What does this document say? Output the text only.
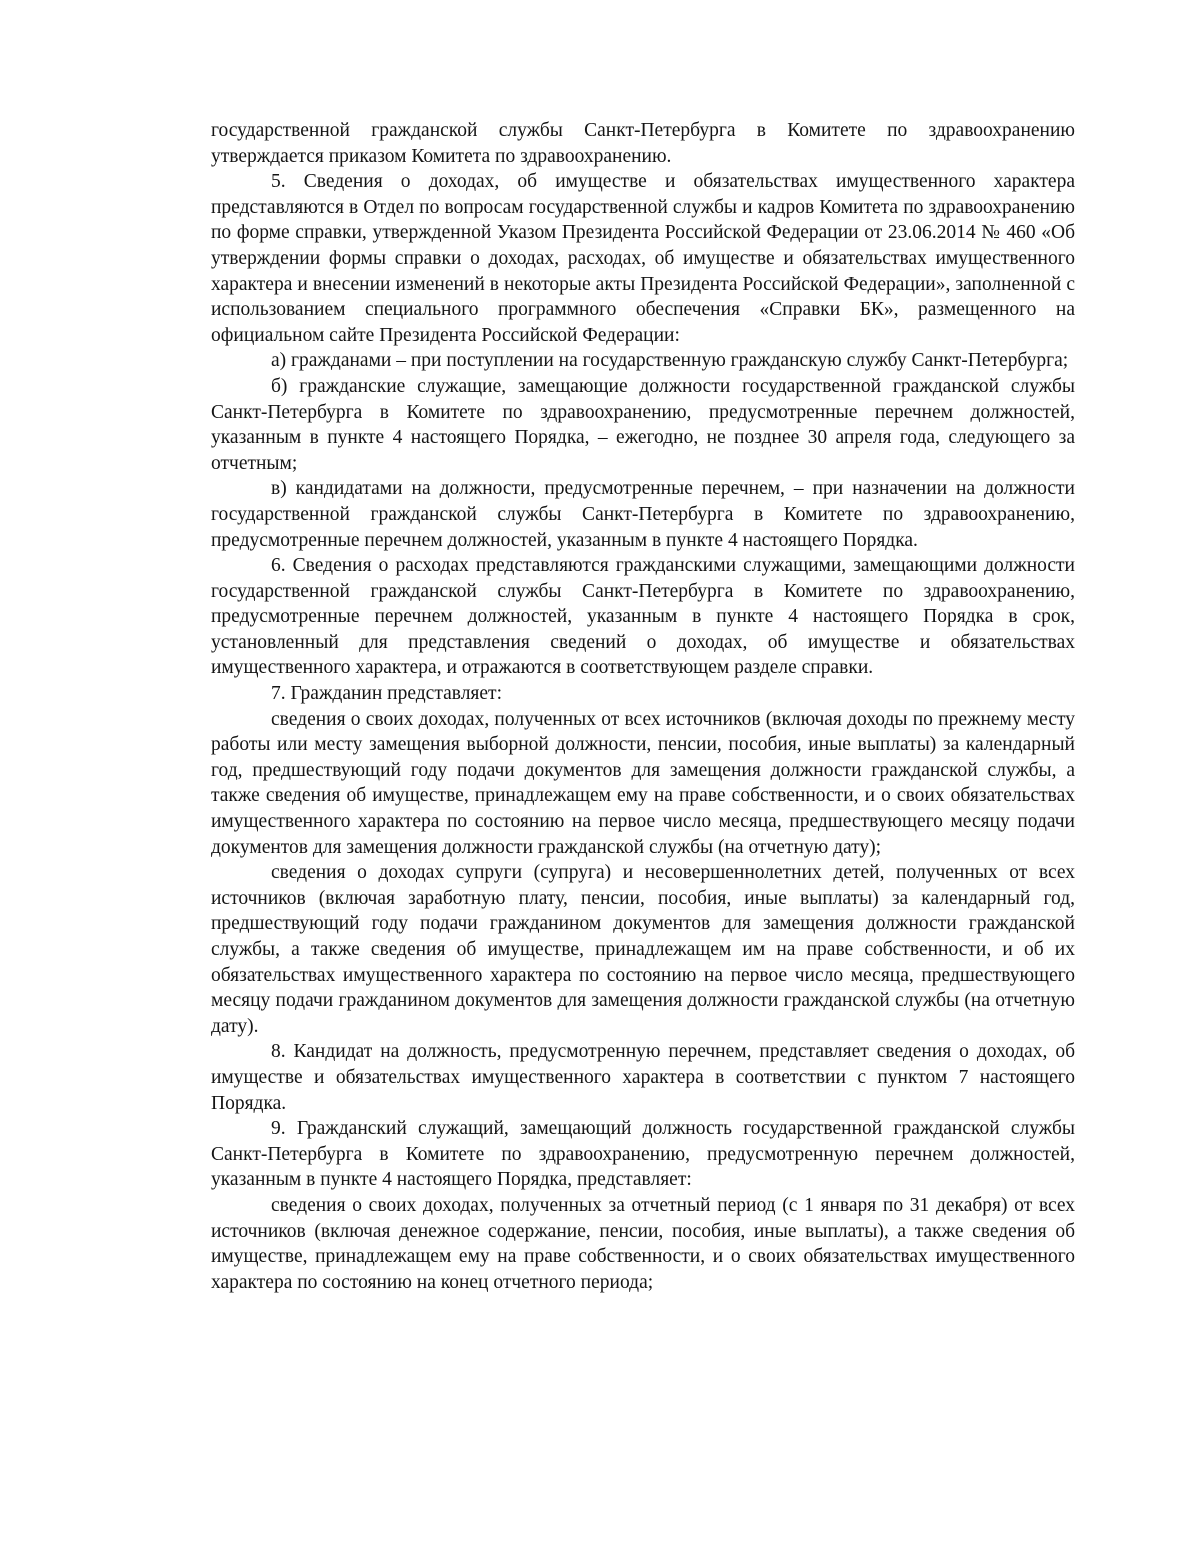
государственной гражданской службы Санкт-Петербурга в Комитете по здравоохранению утверждается приказом Комитета по здравоохранению.

5. Сведения о доходах, об имуществе и обязательствах имущественного характера представляются в Отдел по вопросам государственной службы и кадров Комитета по здравоохранению по форме справки, утвержденной Указом Президента Российской Федерации от 23.06.2014 № 460 «Об утверждении формы справки о доходах, расходах, об имуществе и обязательствах имущественного характера и внесении изменений в некоторые акты Президента Российской Федерации», заполненной с использованием специального программного обеспечения «Справки БК», размещенного на официальном сайте Президента Российской Федерации:

а) гражданами – при поступлении на государственную гражданскую службу Санкт-Петербурга;

б) гражданские служащие, замещающие должности государственной гражданской службы Санкт-Петербурга в Комитете по здравоохранению, предусмотренные перечнем должностей, указанным в пункте 4 настоящего Порядка, – ежегодно, не позднее 30 апреля года, следующего за отчетным;

в) кандидатами на должности, предусмотренные перечнем, – при назначении на должности государственной гражданской службы Санкт-Петербурга в Комитете по здравоохранению, предусмотренные перечнем должностей, указанным в пункте 4 настоящего Порядка.

6. Сведения о расходах представляются гражданскими служащими, замещающими должности государственной гражданской службы Санкт-Петербурга в Комитете по здравоохранению, предусмотренные перечнем должностей, указанным в пункте 4 настоящего Порядка в срок, установленный для представления сведений о доходах, об имуществе и обязательствах имущественного характера, и отражаются в соответствующем разделе справки.

7. Гражданин представляет:

сведения о своих доходах, полученных от всех источников (включая доходы по прежнему месту работы или месту замещения выборной должности, пенсии, пособия, иные выплаты) за календарный год, предшествующий году подачи документов для замещения должности гражданской службы, а также сведения об имуществе, принадлежащем ему на праве собственности, и о своих обязательствах имущественного характера по состоянию на первое число месяца, предшествующего месяцу подачи документов для замещения должности гражданской службы (на отчетную дату);

сведения о доходах супруги (супруга) и несовершеннолетних детей, полученных от всех источников (включая заработную плату, пенсии, пособия, иные выплаты) за календарный год, предшествующий году подачи гражданином документов для замещения должности гражданской службы, а также сведения об имуществе, принадлежащем им на праве собственности, и об их обязательствах имущественного характера по состоянию на первое число месяца, предшествующего месяцу подачи гражданином документов для замещения должности гражданской службы (на отчетную дату).

8. Кандидат на должность, предусмотренную перечнем, представляет сведения о доходах, об имуществе и обязательствах имущественного характера в соответствии с пунктом 7 настоящего Порядка.

9. Гражданский служащий, замещающий должность государственной гражданской службы Санкт-Петербурга в Комитете по здравоохранению, предусмотренную перечнем должностей, указанным в пункте 4 настоящего Порядка, представляет:

сведения о своих доходах, полученных за отчетный период (с 1 января по 31 декабря) от всех источников (включая денежное содержание, пенсии, пособия, иные выплаты), а также сведения об имуществе, принадлежащем ему на праве собственности, и о своих обязательствах имущественного характера по состоянию на конец отчетного периода;
